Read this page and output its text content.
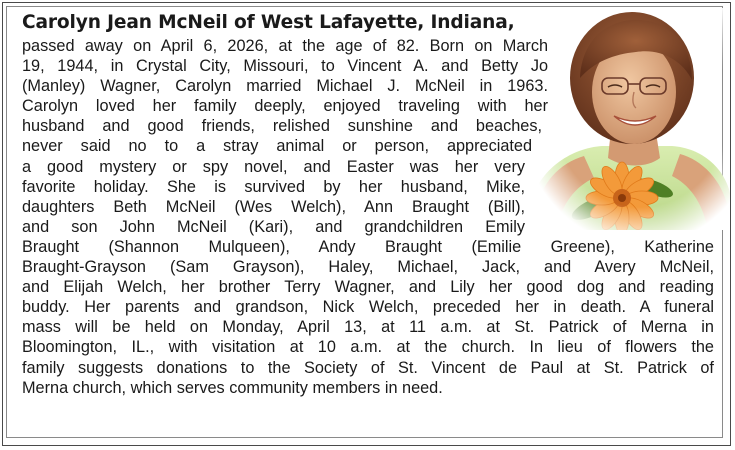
Carolyn Jean McNeil of West Lafayette, Indiana,
passed away on April 6, 2026, at the age of 82. Born on March
19, 1944, in Crystal City, Missouri, to Vincent A. and Betty Jo
(Manley) Wagner, Carolyn married Michael J. McNeil in 1963.
Carolyn loved her family deeply, enjoyed traveling with her
husband and good friends, relished sunshine and beaches,
never said no to a stray animal or person, appreciated
a good mystery or spy novel, and Easter was her very
favorite holiday. She is survived by her husband, Mike,
daughters Beth McNeil (Wes Welch), Ann Braught (Bill),
and son John McNeil (Kari), and grandchildren Emily
Braught (Shannon Mulqueen), Andy Braught (Emilie Greene), Katherine
Braught-Grayson (Sam Grayson), Haley, Michael, Jack, and Avery McNeil,
and Elijah Welch, her brother Terry Wagner, and Lily her good dog and reading
buddy. Her parents and grandson, Nick Welch, preceded her in death. A funeral
mass will be held on Monday, April 13, at 11 a.m. at St. Patrick of Merna in
Bloomington, IL., with visitation at 10 a.m. at the church. In lieu of flowers the
family suggests donations to the Society of St. Vincent de Paul at St. Patrick of
Merna church, which serves community members in need.
